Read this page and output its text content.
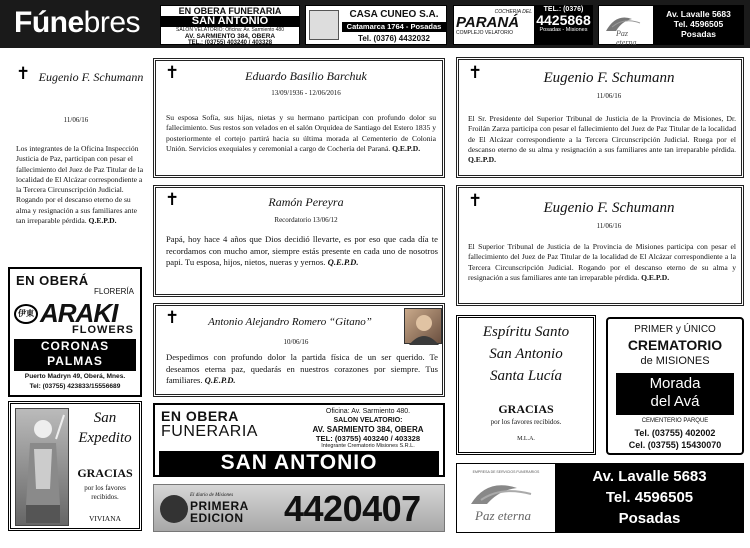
Fúnebres	EN OBERA FUNERARIA
SAN ANTONIO
SALON VELATORIO: Oficina: Av. Sarmiento 480
AV. SARMIENTO 384, OBERA
TEL.: (03755) 403240 / 403328
CASA CUNEO S.A.
Catamarca 1764 - Posadas
Tel. (0376) 4432032
COCHERIA DEL
PARANÁ
COMPLEJO VELATORIO
TEL.: (0376)
4425868
Posadas - Misiones	Paz eterna
Av. Lavalle 5683
Tel. 4596505
Posadas
✝ Eugenio F. Schumann
11/06/16
Los integrantes de la Oficina Inspección Justicia de Paz, participan con pesar el fallecimiento del Juez de Paz Titular de la localidad de El Alcázar correspondiente a la Tercera Circunscripción Judicial. Rogando por el descanso eterno de su alma y resignación a sus familiares ante tan irreparable pérdida. Q.E.P.D.
EN OBERÁ
FLORERÍA
伊東 ARAKI
FLOWERS
CORONAS
PALMAS
Puerto Madryn 49, Oberá, Mnes.
Tel: (03755) 423833/15556689
San
Expedito
GRACIAS
por los favores recibidos.
VIVIANA
✝	Eduardo Basilio Barchuk
13/09/1936 - 12/06/2016
Su esposa Sofía, sus hijas, nietas y su hermano participan con profundo dolor su fallecimiento. Sus restos son velados en el salón Orquídea de Santiago del Estero 1835 y posteriormente el cortejo partirá hacia su última morada al Cementerio de Colonia Unión. Servicios exequiales y ceremonial a cargo de Cochería del Paraná. Q.E.P.D.
✝	Ramón Pereyra
Recordatorio 13/06/12
Papá, hoy hace 4 años que Dios decidió llevarte, es por eso que cada día te recordamos con mucho amor, siempre estás presente en cada uno de nosotros papi. Tu esposa, hijos, nietos, nueras y yernos. Q.E.P.D.
✝	Antonio Alejandro Romero “Gitano”
10/06/16
Despedimos con profundo dolor la partida física de un ser querido. Te deseamos eterna paz, quedarás en nuestros corazones por siempre. Tus familiares. Q.E.P.D.
EN OBERA
FUNERARIA
Oficina: Av. Sarmiento 480.
SALON VELATORIO:
AV. SARMIENTO 384, OBERA
TEL: (03755) 403240 / 403328
Integrante Crematorio Misiones S.R.L.
SAN ANTONIO
El diario de Misiones
PRIMERA
EDICION 4420407
✝	Eugenio F. Schumann
11/06/16
El Sr. Presidente del Superior Tribunal de Justicia de la Provincia de Misiones, Dr. Froilán Zarza participa con pesar el fallecimiento del Juez de Paz Titular de la localidad de El Alcázar correspondiente a la Tercera Circunscripción Judicial. Ruega por el descanso eterno de su alma y resignación a sus familiares ante tan irreparable pérdida. Q.E.P.D.
✝	Eugenio F. Schumann
11/06/16
El Superior Tribunal de Justicia de la Provincia de Misiones participa con pesar el fallecimiento del Juez de Paz Titular de la localidad de El Alcázar correspondiente a la Tercera Circunscripción Judicial. Rogando por el descanso eterno de su alma y resignación a sus familiares ante tan irreparable pérdida. Q.E.P.D.
Espíritu Santo
San Antonio
Santa Lucía
GRACIAS
por los favores recibidos.
M.L.A.
PRIMER y ÚNICO
CREMATORIO
de MISIONES
Morada
del Avá
CEMENTERIO PARQUE
Tel. (03755) 402002
Cel. (03755) 15430070
EMPRESA DE SERVICIOS FUNERARIOS
Paz eterna
Av. Lavalle 5683
Tel. 4596505
Posadas
